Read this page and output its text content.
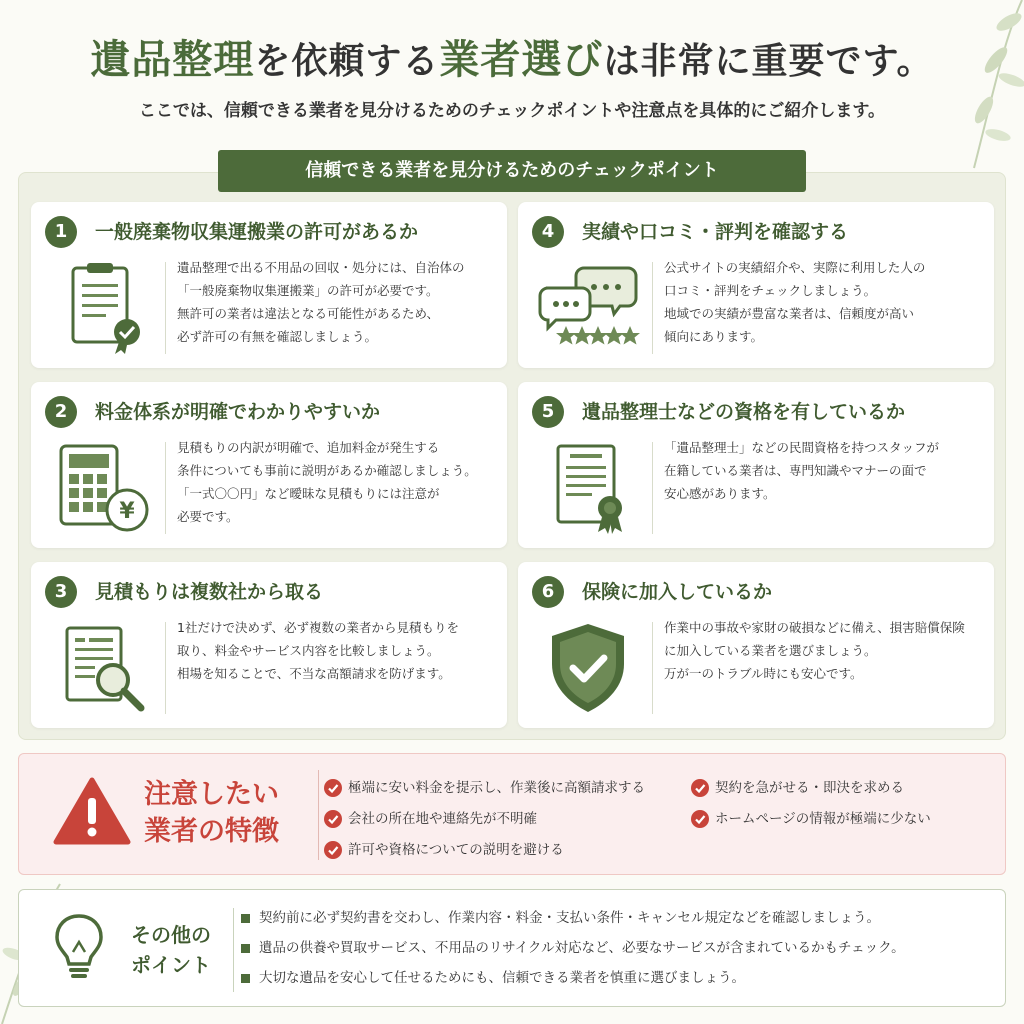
遺品整理を依頼する業者選びは非常に重要です。
ここでは、信頼できる業者を見分けるためのチェックポイントや注意点を具体的にご紹介します。
信頼できる業者を見分けるためのチェックポイント
1	一般廃棄物収集運搬業の許可があるか
遺品整理で出る不用品の回収・処分には、自治体の
「一般廃棄物収集運搬業」の許可が必要です。
無許可の業者は違法となる可能性があるため、
必ず許可の有無を確認しましょう。
4	実績や口コミ・評判を確認する
公式サイトの実績紹介や、実際に利用した人の
口コミ・評判をチェックしましょう。
地域での実績が豊富な業者は、信頼度が高い
傾向にあります。
2	料金体系が明確でわかりやすいか
¥
見積もりの内訳が明確で、追加料金が発生する
条件についても事前に説明があるか確認しましょう。
「一式〇〇円」など曖昧な見積もりには注意が
必要です。
5	遺品整理士などの資格を有しているか
「遺品整理士」などの民間資格を持つスタッフが
在籍している業者は、専門知識やマナーの面で
安心感があります。
3	見積もりは複数社から取る
1社だけで決めず、必ず複数の業者から見積もりを
取り、料金やサービス内容を比較しましょう。
相場を知ることで、不当な高額請求を防げます。
6	保険に加入しているか
作業中の事故や家財の破損などに備え、損害賠償保険
に加入している業者を選びましょう。
万が一のトラブル時にも安心です。
注意したい
業者の特徴
極端に安い料金を提示し、作業後に高額請求する	契約を急がせる・即決を求める
会社の所在地や連絡先が不明確	ホームページの情報が極端に少ない
許可や資格についての説明を避ける
その他の
ポイント
契約前に必ず契約書を交わし、作業内容・料金・支払い条件・キャンセル規定などを確認しましょう。
遺品の供養や買取サービス、不用品のリサイクル対応など、必要なサービスが含まれているかもチェック。
大切な遺品を安心して任せるためにも、信頼できる業者を慎重に選びましょう。
